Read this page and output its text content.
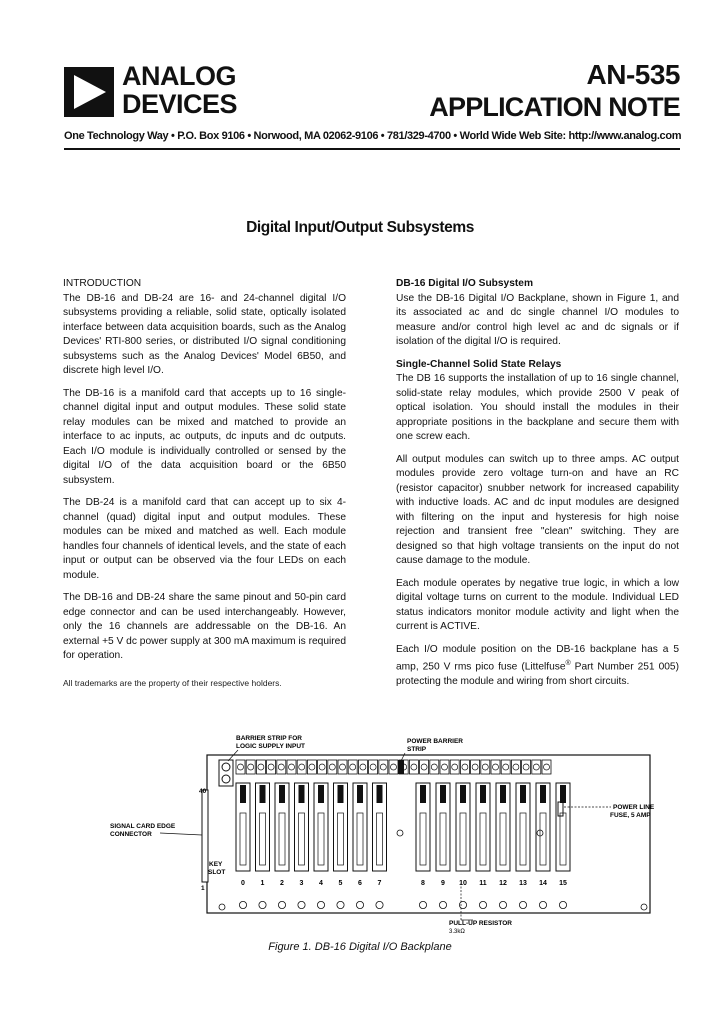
ANALOG
DEVICES
AN-535
APPLICATION NOTE
One Technology Way • P.O. Box 9106 • Norwood, MA 02062-9106 • 781/329-4700 • World Wide Web Site: http://www.analog.com
Digital Input/Output Subsystems
INTRODUCTION

The DB-16 and DB-24 are 16- and 24-channel digital I/O subsystems providing a reliable, solid state, optically isolated interface between data acquisition boards, such as the Analog Devices' RTI-800 series, or distributed I/O signal conditioning subsystems such as the Analog Devices' Model 6B50, and discrete high level I/O.

The DB-16 is a manifold card that accepts up to 16 single-channel digital input and output modules. These solid state relay modules can be mixed and matched to provide an interface to ac inputs, ac outputs, dc inputs and dc outputs. Each I/O module is individually controlled or sensed by the digital I/O of the data acquisition board or the 6B50 subsystem.

The DB-24 is a manifold card that can accept up to six 4-channel (quad) digital input and output modules. These modules can be mixed and matched as well. Each module handles four channels of identical levels, and the state of each input or output can be observed via the four LEDs on each module.

The DB-16 and DB-24 share the same pinout and 50-pin card edge connector and can be used interchangeably. However, only the 16 channels are addressable on the DB-16. An external +5 V dc power supply at 300 mA maximum is required for operation.

All trademarks are the property of their respective holders.
DB-16 Digital I/O Subsystem

Use the DB-16 Digital I/O Backplane, shown in Figure 1, and its associated ac and dc single channel I/O modules to measure and/or control high level ac and dc signals or if isolation of the digital I/O is required.

Single-Channel Solid State Relays

The DB 16 supports the installation of up to 16 single channel, solid-state relay modules, which provide 2500 V peak of optical isolation. You should install the modules in their appropriate positions in the backplane and secure them with one screw each.

All output modules can switch up to three amps. AC output modules provide zero voltage turn-on and have an RC (resistor capacitor) snubber network for increased capability with inductive loads. AC and dc input modules are designed with filtering on the input and hysteresis for high noise rejection and transient free "clean" switching. They are designed so that high voltage transients on the input do not cause damage to the module.

Each module operates by negative true logic, in which a low digital voltage turns on current to the module. Individual LED status indicators monitor module activity and light when the current is ACTIVE.

Each I/O module position on the DB-16 backplane has a 5 amp, 250 V rms pico fuse (Littelfuse® Part Number 251 005) protecting the module and wiring from short circuits.

0 1 2 3 4 5 6 7	8 9 10 11 12 13 14 15
BARRIER STRIP FOR
LOGIC SUPPLY INPUT
POWER BARRIER
STRIP
SIGNAL CARD EDGE
CONNECTOR
POWER LINE
FUSE, 5 AMP
KEY
SLOT
40
1
PULL-UP RESISTOR
3.3kΩ
Figure 1. DB-16 Digital I/O Backplane
